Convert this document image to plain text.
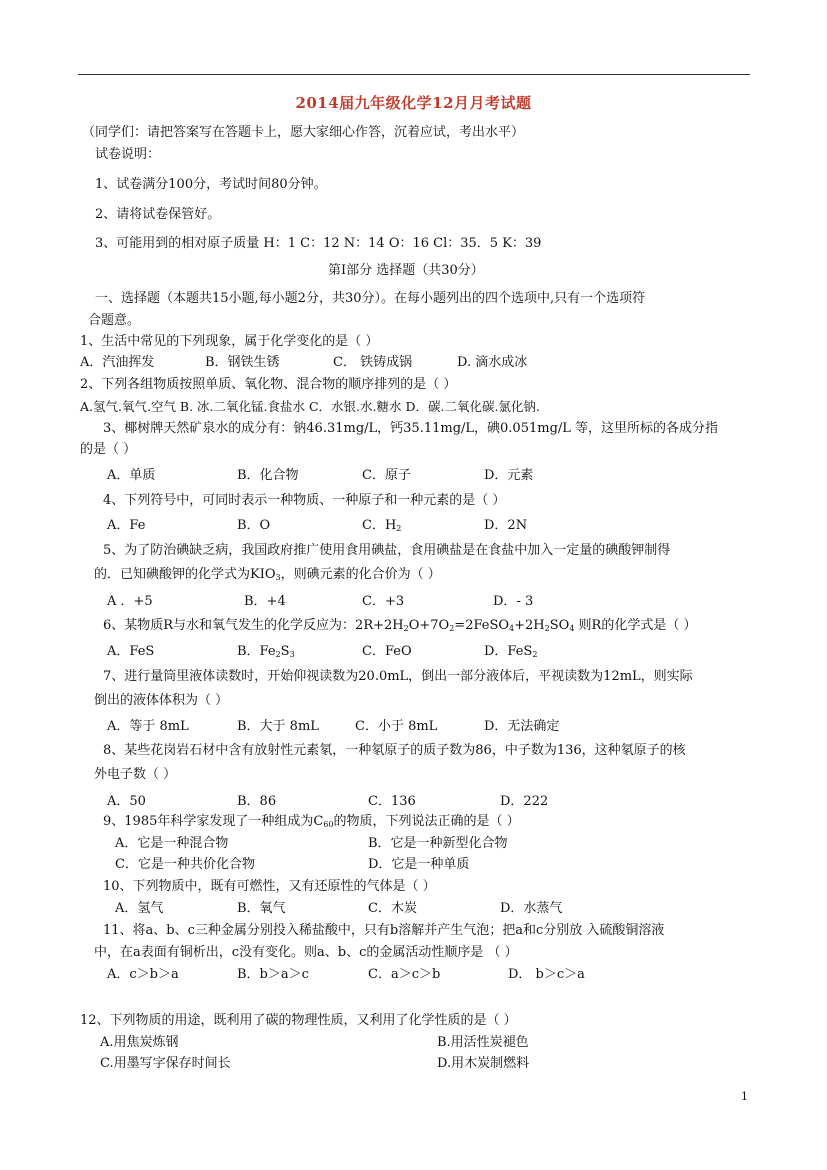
2014届九年级化学12月月考试题
（同学们：请把答案写在答题卡上，愿大家细心作答，沉着应试，考出水平）
试卷说明：
1、试卷满分100分，考试时间80分钟。
2、请将试卷保管好。
3、可能用到的相对原子质量 H：1 C：12 N：14 O：16 Cl：35．5 K：39
第Ⅰ部分 选择题（共30分）
一、选择题（本题共15小题,每小题2分，共30分）。在每小题列出的四个选项中,只有一个选项符
合题意。
1、生活中常见的下列现象，属于化学变化的是（ ）
A．汽油挥发	B．钢铁生锈	C． 铁铸成锅	D. 滴水成冰
2、下列各组物质按照单质、氧化物、混合物的顺序排列的是（ ）
A.氢气.氧气.空气 B. 冰.二氧化锰.食盐水 C．水银.水.糖水 D．碳.二氧化碳.氯化钠.
3、椰树牌天然矿泉水的成分有：钠46.31mg/L，钙35.11mg/L，碘0.051mg/L 等，这里所标的各成分指
的是（ ）
A．单质	B．化合物	C．原子	D．元素
4、下列符号中，可同时表示一种物质、一种原子和一种元素的是（ ）
A．Fe	B．O	C．$H_2$	D．2N
5、为了防治碘缺乏病，我国政府推广使用食用碘盐，食用碘盐是在食盐中加入一定量的碘酸钾制得
的．已知碘酸钾的化学式为$KIO_3$，则碘元素的化合价为（ ）
A ．+5	B．+4	C．+3	D．- 3
6、某物质R与水和氧气发生的化学反应为：$2R+2H_2O+7O_2=2FeSO_4+2H_2SO_4$ 则R的化学式是（ ）
A．FeS	B．$Fe_2S_3$	C．FeO	D．FeS$_2$
7、进行量筒里液体读数时，开始仰视读数为20.0mL，倒出一部分液体后，平视读数为12mL，则实际
倒出的液体体积为（ ）
A．等于 8mL	B．大于 8mL	C．小于 8mL	D．无法确定
8、某些花岗岩石材中含有放射性元素氡，一种氡原子的质子数为86，中子数为136，这种氡原子的核
外电子数（ ）
A．50	B．86	C．136	D．222
9、1985年科学家发现了一种组成为$C_{60}$的物质，下列说法正确的是（ ）
A．它是一种混合物	B．它是一种新型化合物
C．它是一种共价化合物	D．它是一种单质
10、下列物质中，既有可燃性，又有还原性的气体是（ ）
A．氢气	B．氧气	C．木炭	D．水蒸气
11、将a、b、c三种金属分别投入稀盐酸中，只有b溶解并产生气泡；把a和c分别放 入硫酸铜溶液
中，在a表面有铜析出，c没有变化。则a、b、c的金属活动性顺序是 （ ）
A．c＞b＞a	B．b＞a＞c	C．a＞c＞b	D． b＞c＞a
12、下列物质的用途，既利用了碳的物理性质，又利用了化学性质的是（ ）
A.用焦炭炼钢	B.用活性炭褪色
C.用墨写字保存时间长	D.用木炭制燃料
1
